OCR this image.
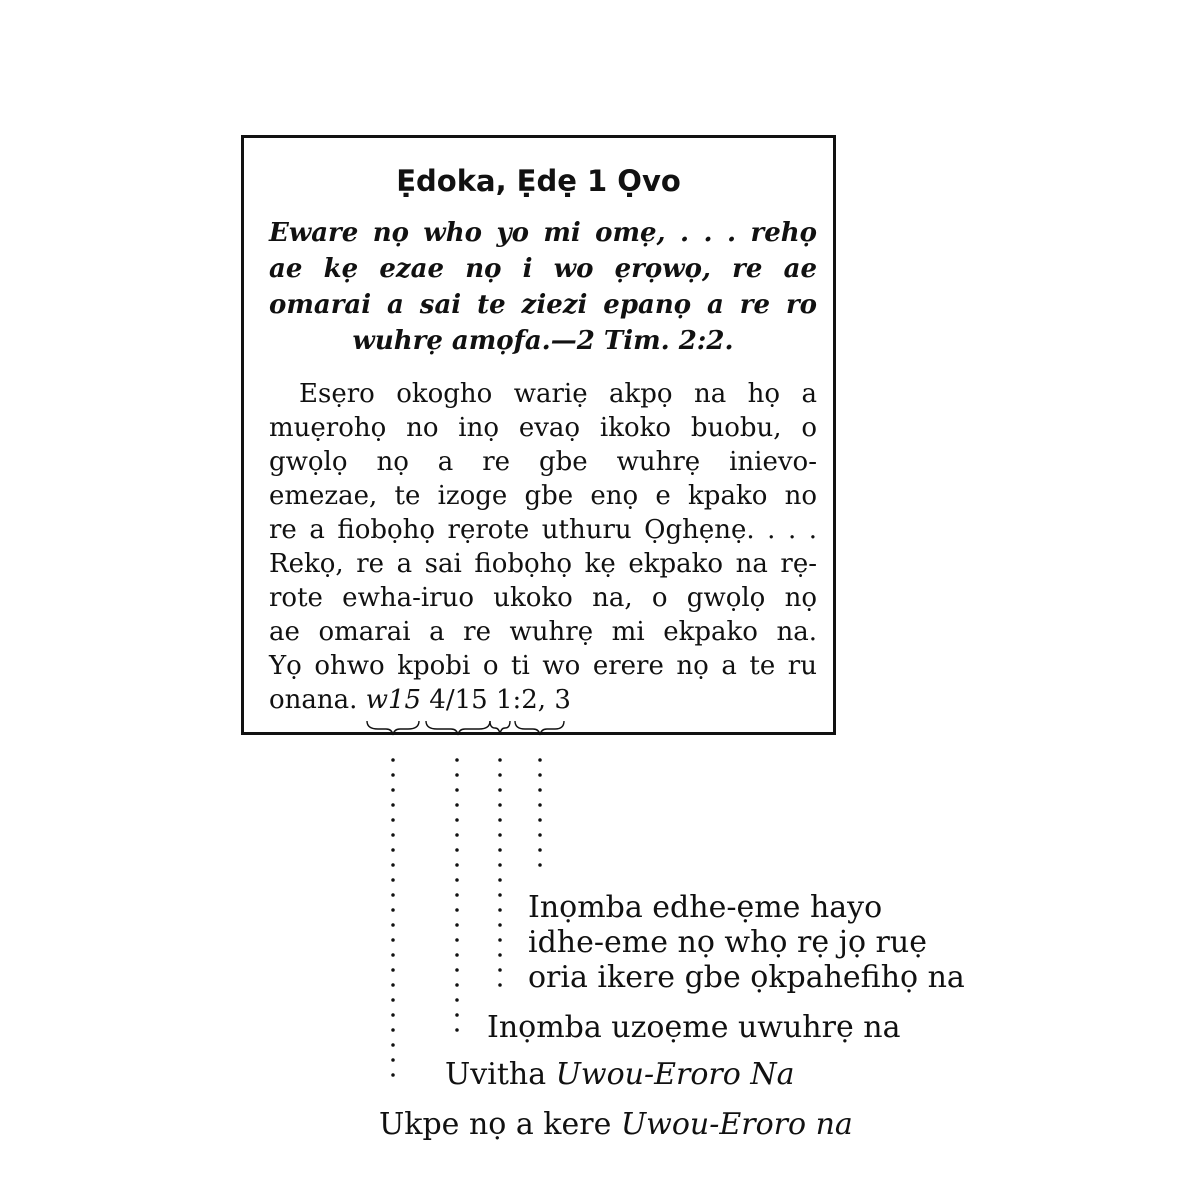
Ẹdoka, Ẹdẹ 1 Ọvo
Eware nọ who yo mi omẹ, . . . rehọ
ae kẹ ezae nọ i wo ẹrọwọ, re ae
omarai a sai te ziezi epanọ a re ro
wuhrẹ amọfa.—2 Tim. 2:2.
Esẹro okogho wariẹ akpọ na họ a
muẹrohọ no inọ evaọ ikoko buobu, o
gwọlọ nọ a re gbe wuhrẹ inievo-
emezae, te izoge gbe enọ e kpako no
re a fiobọhọ rẹrote uthuru Ọghẹnẹ. . . .
Rekọ, re a sai fiobọhọ kẹ ekpako na rẹ-
rote ewha-iruo ukoko na, o gwọlọ nọ
ae omarai a re wuhrẹ mi ekpako na.
Yọ ohwo kpobi o ti wo erere nọ a te ru
onana. w15 4/15 1:2, 3
Inọmba edhe-ẹme hayo
idhe-eme nọ whọ rẹ jọ ruẹ
oria ikere gbe ọkpahefihọ na
Inọmba uzoẹme uwuhrẹ na
Uvitha Uwou-Eroro Na
Ukpe nọ a kere Uwou-Eroro na
